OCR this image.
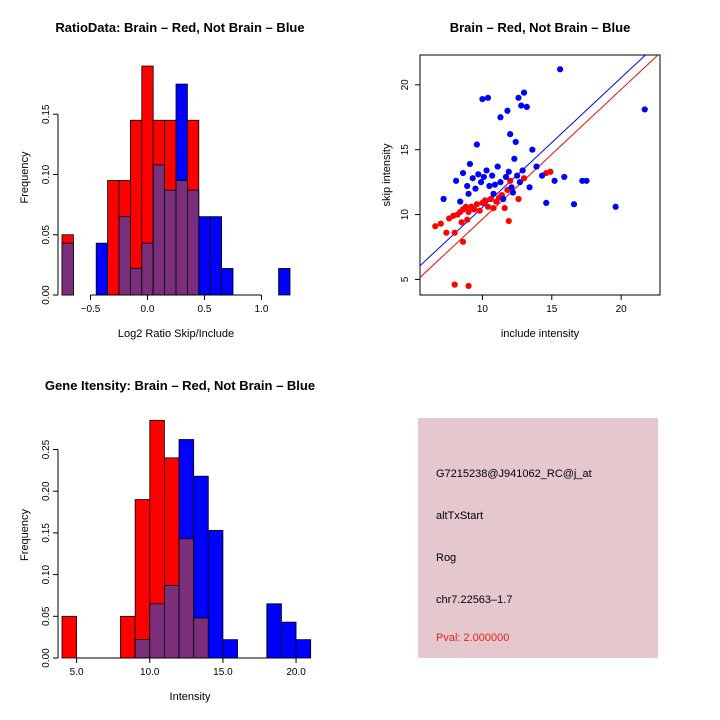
RatioData: Brain – Red, Not Brain – Blue
−0.5	0.0	0.5	1.0
0.00
0.05
0.10
0.15
Log2 Ratio Skip/Include
Frequency
Brain – Red, Not Brain – Blue
10	15	20
5
10
15
20
include intensity
skip intensity
Gene Itensity: Brain – Red, Not Brain – Blue
5.0	10.0	15.0	20.0
0.00
0.05
0.10
0.15
0.20
0.25
Intensity
Frequency
G7215238@J941062_RC@j_at
altTxStart
Rog
chr7.22563–1.7
Pval: 2.000000
